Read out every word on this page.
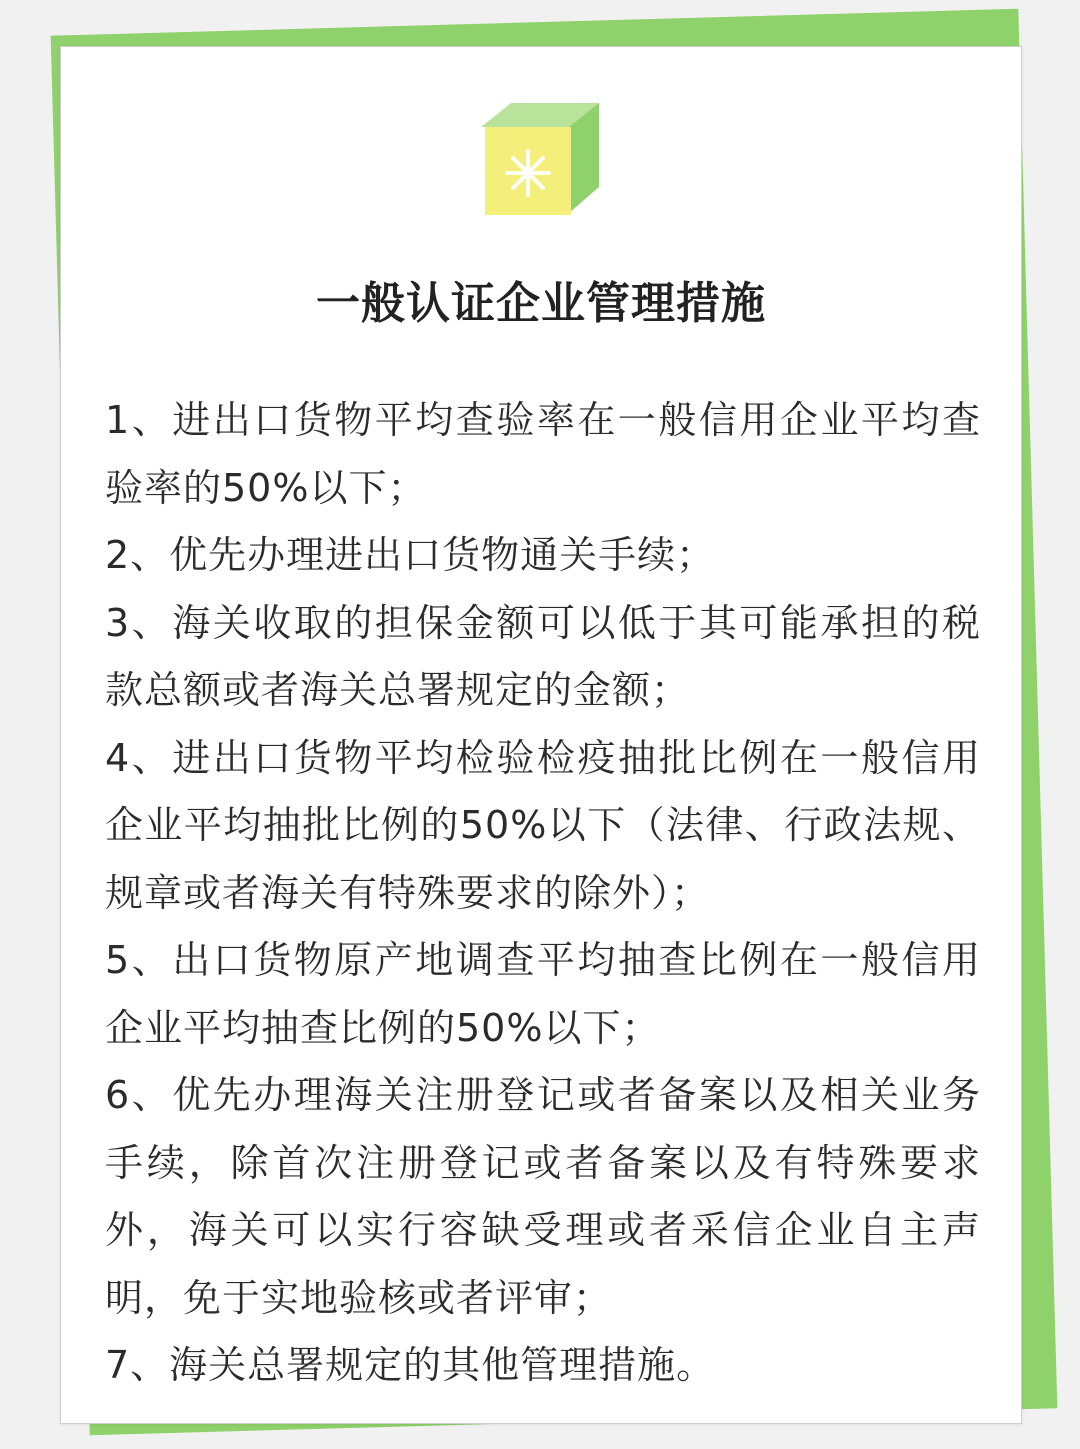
一般认证企业管理措施
1、进出口货物平均查验率在一般信用企业平均查验率的50%以下；
2、优先办理进出口货物通关手续；
3、海关收取的担保金额可以低于其可能承担的税款总额或者海关总署规定的金额；
4、进出口货物平均检验检疫抽批比例在一般信用企业平均抽批比例的50%以下（法律、行政法规、规章或者海关有特殊要求的除外）；
5、出口货物原产地调查平均抽查比例在一般信用企业平均抽查比例的50%以下；
6、优先办理海关注册登记或者备案以及相关业务手续，除首次注册登记或者备案以及有特殊要求外，海关可以实行容缺受理或者采信企业自主声明，免于实地验核或者评审；
7、海关总署规定的其他管理措施。
